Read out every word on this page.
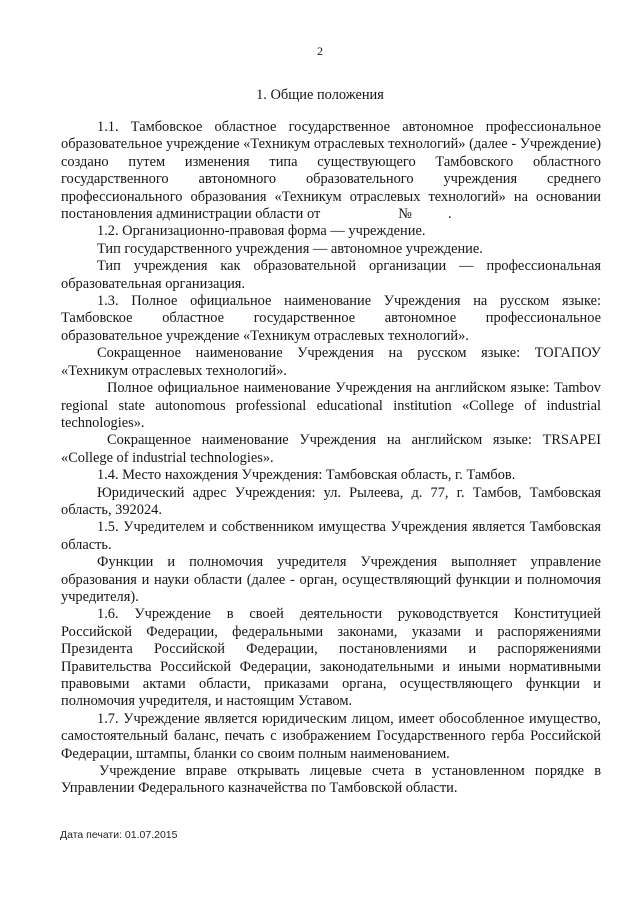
2
1. Общие положения

1.1. Тамбовское областное государственное автономное профессиональное образовательное учреждение «Техникум отраслевых технологий» (далее - Учреждение) создано путем изменения типа существующего Тамбовского областного государственного автономного образовательного учреждения среднего профессионального образования «Техникум отраслевых технологий» на основании постановления администрации области от	№	.

1.2. Организационно-правовая форма — учреждение.

Тип государственного учреждения — автономное учреждение.

Тип учреждения как образовательной организации — профессиональная образовательная организация.

1.3. Полное официальное наименование Учреждения на русском языке: Тамбовское областное государственное автономное профессиональное образовательное учреждение «Техникум отраслевых технологий».

Сокращенное наименование Учреждения на русском языке: ТОГАПОУ «Техникум отраслевых технологий».

Полное официальное наименование Учреждения на английском языке: Tambov regional state autonomous professional educational institution «College of industrial technologies».

Сокращенное наименование Учреждения на английском языке: TRSAPEI «College of industrial technologies».

1.4. Место нахождения Учреждения: Тамбовская область, г. Тамбов.

Юридический адрес Учреждения: ул. Рылеева, д. 77, г. Тамбов, Тамбовская область, 392024.

1.5. Учредителем и собственником имущества Учреждения является Тамбовская область.

Функции и полномочия учредителя Учреждения выполняет управление образования и науки области (далее - орган, осуществляющий функции и полномочия учредителя).

1.6. Учреждение в своей деятельности руководствуется Конституцией Российской Федерации, федеральными законами, указами и распоряжениями Президента Российской Федерации, постановлениями и распоряжениями Правительства Российской Федерации, законодательными и иными нормативными правовыми актами области, приказами органа, осуществляющего функции и полномочия учредителя, и настоящим Уставом.

1.7. Учреждение является юридическим лицом, имеет обособленное имущество, самостоятельный баланс, печать с изображением Государственного герба Российской Федерации, штампы, бланки со своим полным наименованием.

Учреждение вправе открывать лицевые счета в установленном порядке в Управлении Федерального казначейства по Тамбовской области.

Дата печати: 01.07.2015
